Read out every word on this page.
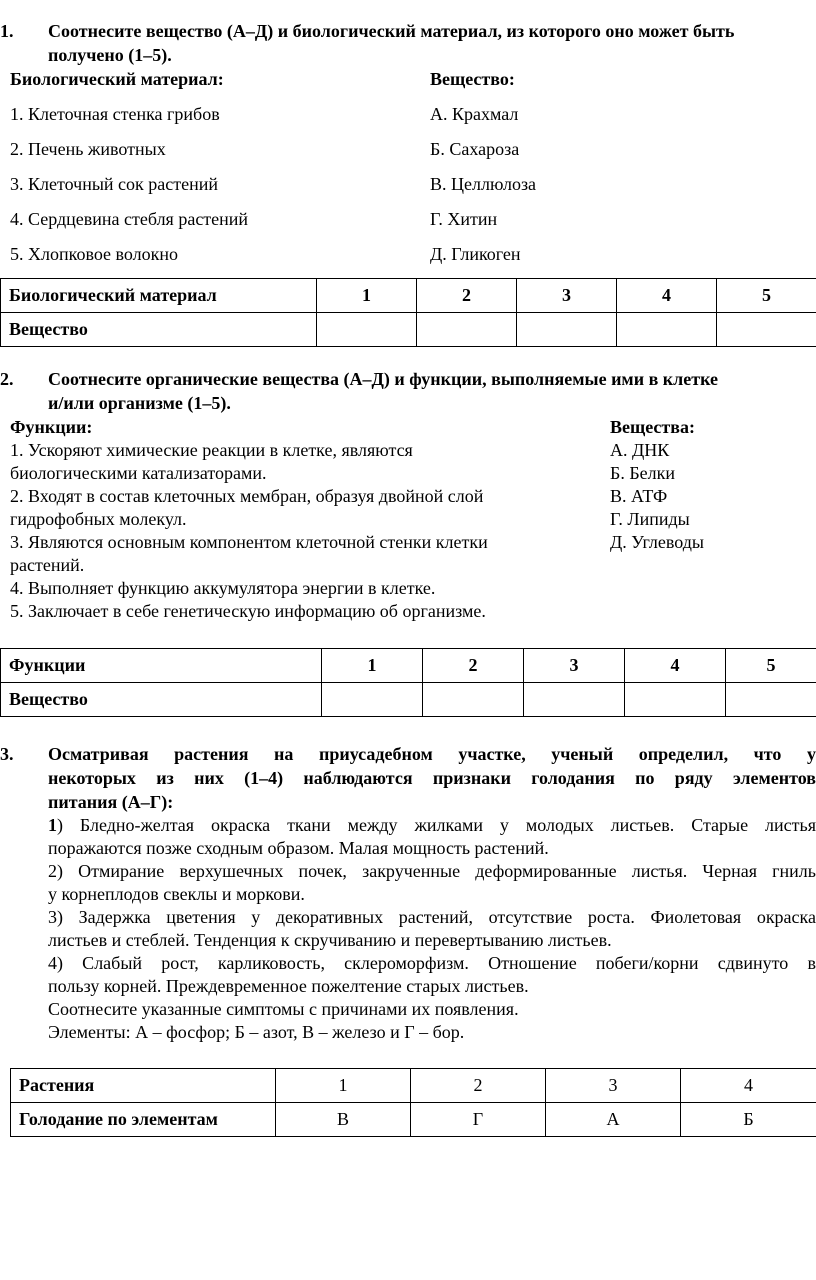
1. Соотнесите вещество (А–Д) и биологический материал, из которого оно может быть
получено (1–5).
Биологический материал:	Вещество:
1. Клеточная стенка грибов
2. Печень животных
3. Клеточный сок растений
4. Сердцевина стебля растений
5. Хлопковое волокно
А. Крахмал
Б. Сахароза
В. Целлюлоза
Г. Хитин
Д. Гликоген
Биологический материал	1	2	3	4	5
Вещество					
2. Соотнесите органические вещества (А–Д) и функции, выполняемые ими в клетке
и/или организме (1–5).
Функции:	Вещества:
1. Ускоряют химические реакции в клетке, являются
биологическими катализаторами.
2. Входят в состав клеточных мембран, образуя двойной слой
гидрофобных молекул.
3. Являются основным компонентом клеточной стенки клетки
растений.
4. Выполняет функцию аккумулятора энергии в клетке.
5. Заключает в себе генетическую информацию об организме.
А. ДНК
Б. Белки
В. АТФ
Г. Липиды
Д. Углеводы
Функции	1	2	3	4	5
Вещество					
3. Осматривая растения на приусадебном участке, ученый определил, что у
некоторых из них (1–4) наблюдаются признаки голодания по ряду элементов
питания (А–Г):
1) Бледно-желтая окраска ткани между жилками у молодых листьев. Старые листья
поражаются позже сходным образом. Малая мощность растений.
2) Отмирание верхушечных почек, закрученные деформированные листья. Черная гниль
у корнеплодов свеклы и моркови.
3) Задержка цветения у декоративных растений, отсутствие роста. Фиолетовая окраска
листьев и стеблей. Тенденция к скручиванию и перевертыванию листьев.
4) Слабый рост, карликовость, склероморфизм. Отношение побеги/корни сдвинуто в
пользу корней. Преждевременное пожелтение старых листьев.
Соотнесите указанные симптомы с причинами их появления.
Элементы: А – фосфор; Б – азот, В – железо и Г – бор.
Растения	1	2	3	4
Голодание по элементам	В	Г	А	Б
